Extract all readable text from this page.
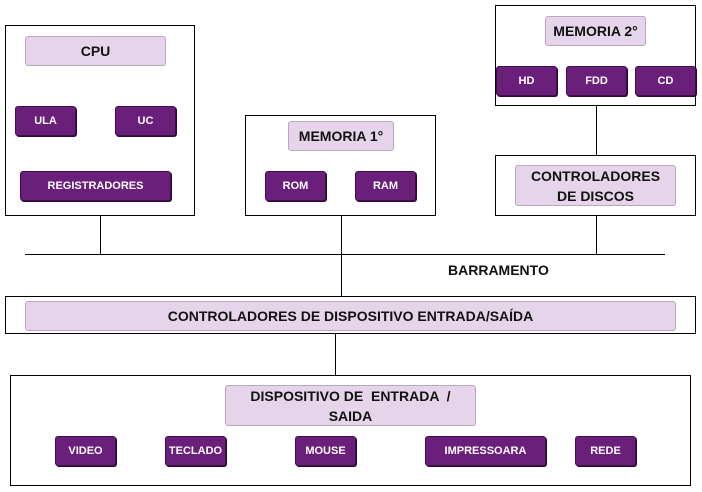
CPU
ULA	UC
REGISTRADORES
MEMORIA 1°
ROM	RAM
MEMORIA 2°
HD	FDD	CD
CONTROLADORES
DE DISCOS
BARRAMENTO
CONTROLADORES DE DISPOSITIVO ENTRADA/SAÍDA
DISPOSITIVO DE  ENTRADA  /
SAIDA
VIDEO	TECLADO	MOUSE	IMPRESSOARA	REDE
